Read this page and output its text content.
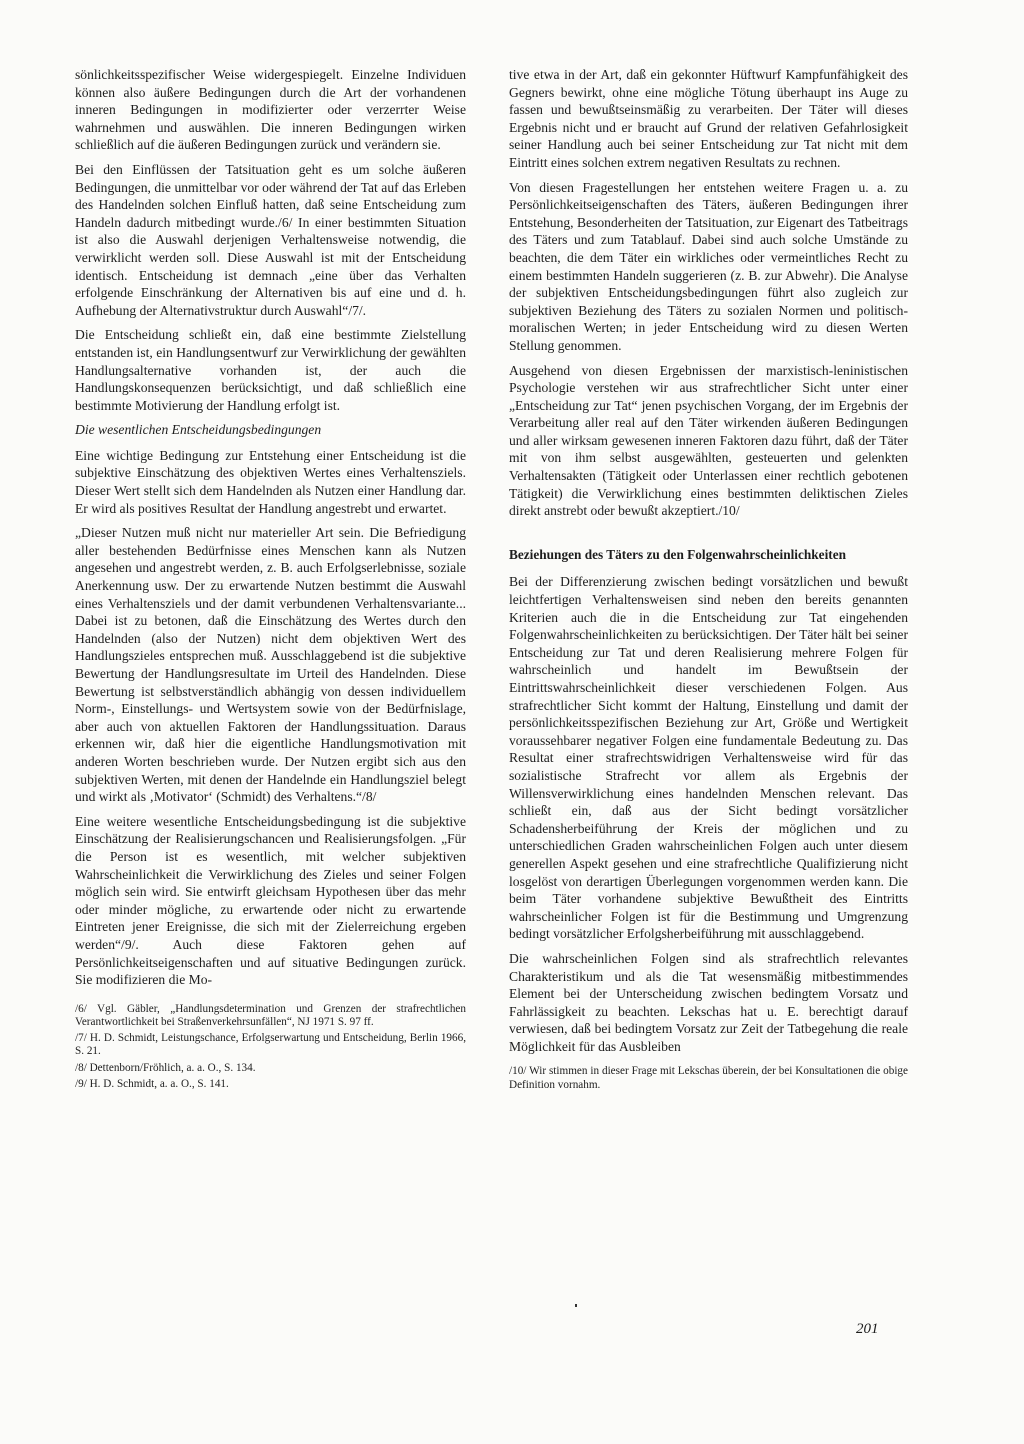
sönlichkeitsspezifischer Weise widergespiegelt. Einzelne Individuen können also äußere Bedingungen durch die Art der vorhandenen inneren Bedingungen in modifizierter oder verzerrter Weise wahrnehmen und auswählen. Die inneren Bedingungen wirken schließlich auf die äußeren Bedingungen zurück und verändern sie.

Bei den Einflüssen der Tatsituation geht es um solche äußeren Bedingungen, die unmittelbar vor oder während der Tat auf das Erleben des Handelnden solchen Einfluß hatten, daß seine Entscheidung zum Handeln dadurch mitbedingt wurde./6/ In einer bestimmten Situation ist also die Auswahl derjenigen Verhaltensweise notwendig, die verwirklicht werden soll. Diese Auswahl ist mit der Entscheidung identisch. Entscheidung ist demnach „eine über das Verhalten erfolgende Einschränkung der Alternativen bis auf eine und d. h. Aufhebung der Alternativstruktur durch Auswahl“/7/.

Die Entscheidung schließt ein, daß eine bestimmte Zielstellung entstanden ist, ein Handlungsentwurf zur Verwirklichung der gewählten Handlungsalternative vorhanden ist, der auch die Handlungskonsequenzen berücksichtigt, und daß schließlich eine bestimmte Motivierung der Handlung erfolgt ist.

Die wesentlichen Entscheidungsbedingungen

Eine wichtige Bedingung zur Entstehung einer Entscheidung ist die subjektive Einschätzung des objektiven Wertes eines Verhaltensziels. Dieser Wert stellt sich dem Handelnden als Nutzen einer Handlung dar. Er wird als positives Resultat der Handlung angestrebt und erwartet.

„Dieser Nutzen muß nicht nur materieller Art sein. Die Befriedigung aller bestehenden Bedürfnisse eines Menschen kann als Nutzen angesehen und angestrebt werden, z. B. auch Erfolgserlebnisse, soziale Anerkennung usw. Der zu erwartende Nutzen bestimmt die Auswahl eines Verhaltensziels und der damit verbundenen Verhaltensvariante... Dabei ist zu betonen, daß die Einschätzung des Wertes durch den Handelnden (also der Nutzen) nicht dem objektiven Wert des Handlungszieles entsprechen muß. Ausschlaggebend ist die subjektive Bewertung der Handlungsresultate im Urteil des Handelnden. Diese Bewertung ist selbstverständlich abhängig von dessen individuellem Norm-, Einstellungs- und Wertsystem sowie von der Bedürfnislage, aber auch von aktuellen Faktoren der Handlungssituation. Daraus erkennen wir, daß hier die eigentliche Handlungsmotivation mit anderen Worten beschrieben wurde. Der Nutzen ergibt sich aus den subjektiven Werten, mit denen der Handelnde ein Handlungsziel belegt und wirkt als ‚Motivator‘ (Schmidt) des Verhaltens.“/8/

Eine weitere wesentliche Entscheidungsbedingung ist die subjektive Einschätzung der Realisierungschancen und Realisierungsfolgen. „Für die Person ist es wesentlich, mit welcher subjektiven Wahrscheinlichkeit die Verwirklichung des Zieles und seiner Folgen möglich sein wird. Sie entwirft gleichsam Hypothesen über das mehr oder minder mögliche, zu erwartende oder nicht zu erwartende Eintreten jener Ereignisse, die sich mit der Zielerreichung ergeben werden“/9/. Auch diese Faktoren gehen auf Persönlichkeitseigenschaften und auf situative Bedingungen zurück. Sie modifizieren die Mo-

/6/ Vgl. Gäbler, „Handlungsdetermination und Grenzen der strafrechtlichen Verantwortlichkeit bei Straßenverkehrsunfällen“, NJ 1971 S. 97 ff.

/7/ H. D. Schmidt, Leistungschance, Erfolgserwartung und Entscheidung, Berlin 1966, S. 21.

/8/ Dettenborn/Fröhlich, a. a. O., S. 134.

/9/ H. D. Schmidt, a. a. O., S. 141.

tive etwa in der Art, daß ein gekonnter Hüftwurf Kampfunfähigkeit des Gegners bewirkt, ohne eine mögliche Tötung überhaupt ins Auge zu fassen und bewußtseinsmäßig zu verarbeiten. Der Täter will dieses Ergebnis nicht und er braucht auf Grund der relativen Gefahrlosigkeit seiner Handlung auch bei seiner Entscheidung zur Tat nicht mit dem Eintritt eines solchen extrem negativen Resultats zu rechnen.

Von diesen Fragestellungen her entstehen weitere Fragen u. a. zu Persönlichkeitseigenschaften des Täters, äußeren Bedingungen ihrer Entstehung, Besonderheiten der Tatsituation, zur Eigenart des Tatbeitrags des Täters und zum Tatablauf. Dabei sind auch solche Umstände zu beachten, die dem Täter ein wirkliches oder vermeintliches Recht zu einem bestimmten Handeln suggerieren (z. B. zur Abwehr). Die Analyse der subjektiven Entscheidungsbedingungen führt also zugleich zur subjektiven Beziehung des Täters zu sozialen Normen und politisch-moralischen Werten; in jeder Entscheidung wird zu diesen Werten Stellung genommen.

Ausgehend von diesen Ergebnissen der marxistisch-leninistischen Psychologie verstehen wir aus strafrechtlicher Sicht unter einer „Entscheidung zur Tat“ jenen psychischen Vorgang, der im Ergebnis der Verarbeitung aller real auf den Täter wirkenden äußeren Bedingungen und aller wirksam gewesenen inneren Faktoren dazu führt, daß der Täter mit von ihm selbst ausgewählten, gesteuerten und gelenkten Verhaltensakten (Tätigkeit oder Unterlassen einer rechtlich gebotenen Tätigkeit) die Verwirklichung eines bestimmten deliktischen Zieles direkt anstrebt oder bewußt akzeptiert./10/

Beziehungen des Täters zu den Folgenwahrscheinlichkeiten

Bei der Differenzierung zwischen bedingt vorsätzlichen und bewußt leichtfertigen Verhaltensweisen sind neben den bereits genannten Kriterien auch die in die Entscheidung zur Tat eingehenden Folgenwahrscheinlichkeiten zu berücksichtigen. Der Täter hält bei seiner Entscheidung zur Tat und deren Realisierung mehrere Folgen für wahrscheinlich und handelt im Bewußtsein der Eintrittswahrscheinlichkeit dieser verschiedenen Folgen. Aus strafrechtlicher Sicht kommt der Haltung, Einstellung und damit der persönlichkeitsspezifischen Beziehung zur Art, Größe und Wertigkeit voraussehbarer negativer Folgen eine fundamentale Bedeutung zu. Das Resultat einer strafrechtswidrigen Verhaltensweise wird für das sozialistische Strafrecht vor allem als Ergebnis der Willensverwirklichung eines handelnden Menschen relevant. Das schließt ein, daß aus der Sicht bedingt vorsätzlicher Schadensherbeiführung der Kreis der möglichen und zu unterschiedlichen Graden wahrscheinlichen Folgen auch unter diesem generellen Aspekt gesehen und eine strafrechtliche Qualifizierung nicht losgelöst von derartigen Überlegungen vorgenommen werden kann. Die beim Täter vorhandene subjektive Bewußtheit des Eintritts wahrscheinlicher Folgen ist für die Bestimmung und Umgrenzung bedingt vorsätzlicher Erfolgsherbeiführung mit ausschlaggebend.

Die wahrscheinlichen Folgen sind als strafrechtlich relevantes Charakteristikum und als die Tat wesensmäßig mitbestimmendes Element bei der Unterscheidung zwischen bedingtem Vorsatz und Fahrlässigkeit zu beachten. Lekschas hat u. E. berechtigt darauf verwiesen, daß bei bedingtem Vorsatz zur Zeit der Tatbegehung die reale Möglichkeit für das Ausbleiben

/10/ Wir stimmen in dieser Frage mit Lekschas überein, der bei Konsultationen die obige Definition vornahm.

201
